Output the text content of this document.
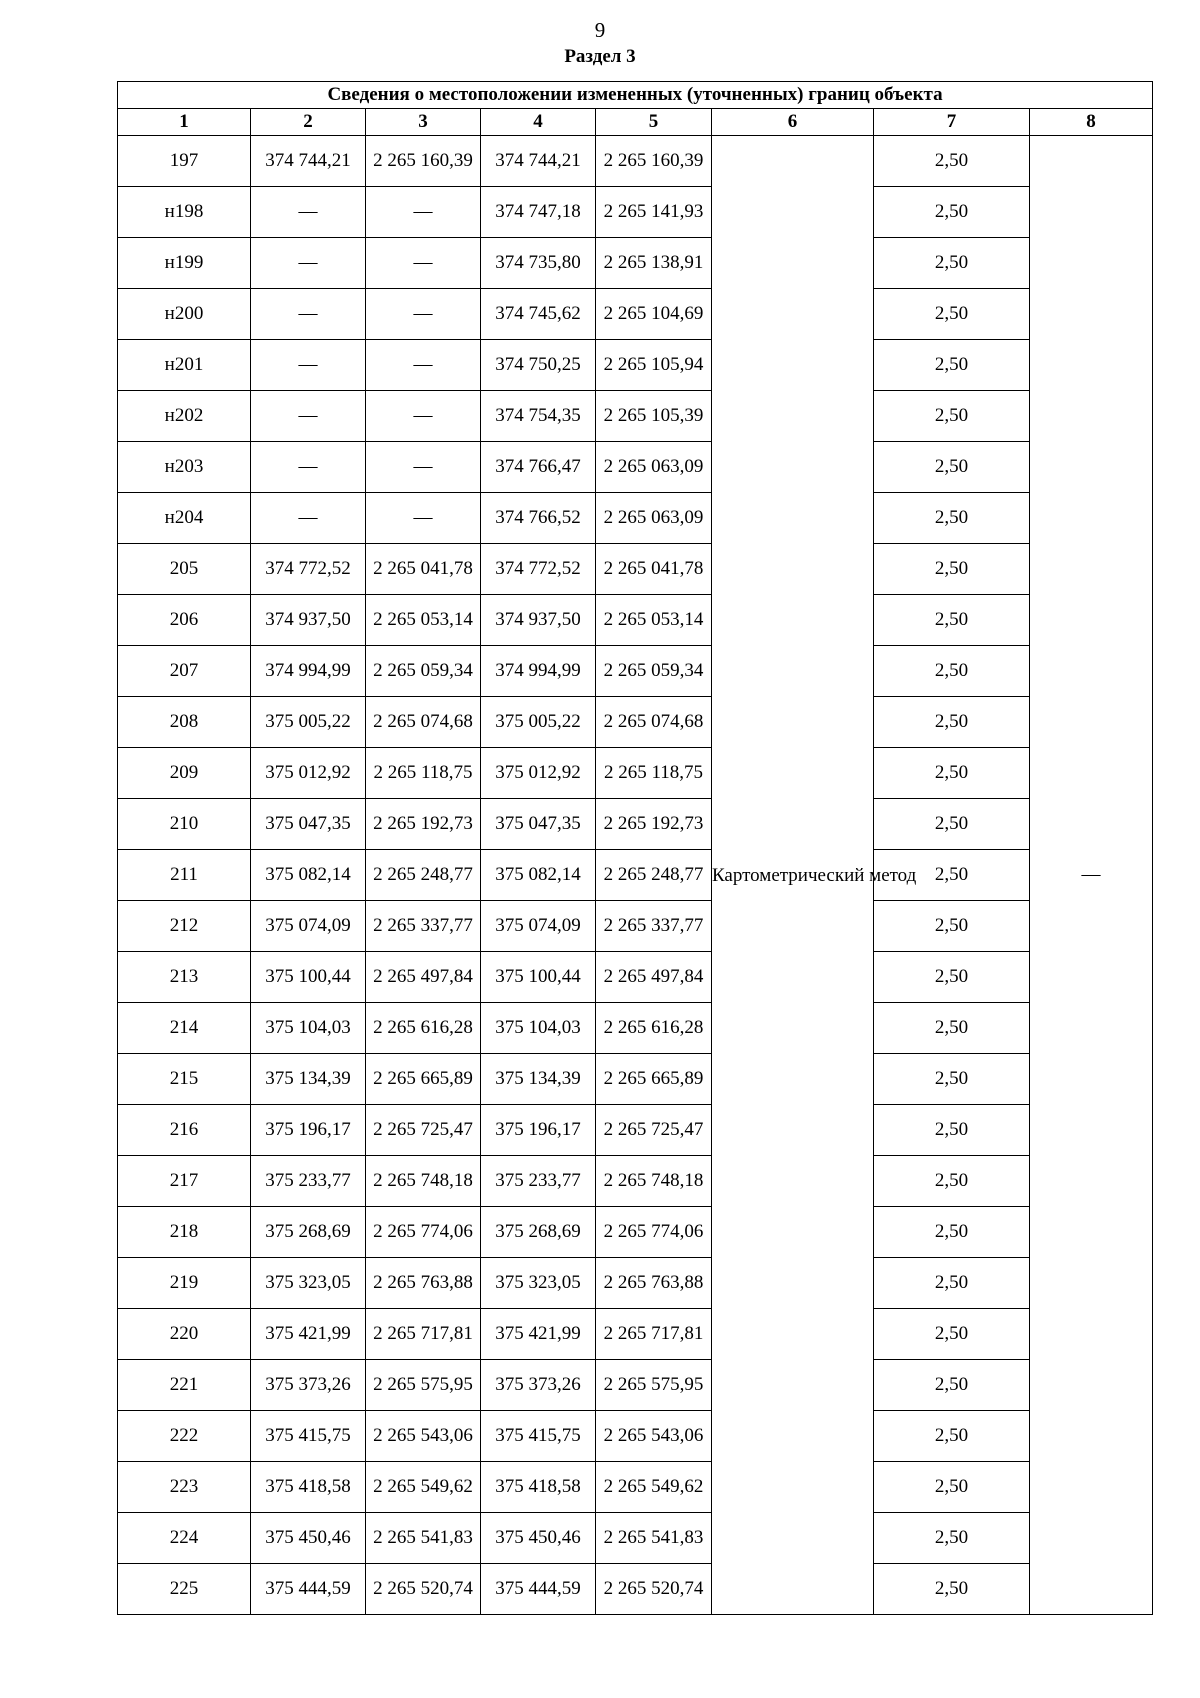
9
Раздел 3
Сведения о местоположении измененных (уточненных) границ объекта							
1	2	3	4	5	6	7	8
197	374 744,21	2 265 160,39	374 744,21	2 265 160,39	Картометрический метод	2,50	—
н198	—	—	374 747,18	2 265 141,93		2,50	
н199	—	—	374 735,80	2 265 138,91		2,50	
н200	—	—	374 745,62	2 265 104,69		2,50	
н201	—	—	374 750,25	2 265 105,94		2,50	
н202	—	—	374 754,35	2 265 105,39		2,50	
н203	—	—	374 766,47	2 265 063,09		2,50	
н204	—	—	374 766,52	2 265 063,09		2,50	
205	374 772,52	2 265 041,78	374 772,52	2 265 041,78		2,50	
206	374 937,50	2 265 053,14	374 937,50	2 265 053,14		2,50	
207	374 994,99	2 265 059,34	374 994,99	2 265 059,34		2,50	
208	375 005,22	2 265 074,68	375 005,22	2 265 074,68		2,50	
209	375 012,92	2 265 118,75	375 012,92	2 265 118,75		2,50	
210	375 047,35	2 265 192,73	375 047,35	2 265 192,73		2,50	
211	375 082,14	2 265 248,77	375 082,14	2 265 248,77		2,50	
212	375 074,09	2 265 337,77	375 074,09	2 265 337,77		2,50	
213	375 100,44	2 265 497,84	375 100,44	2 265 497,84		2,50	
214	375 104,03	2 265 616,28	375 104,03	2 265 616,28		2,50	
215	375 134,39	2 265 665,89	375 134,39	2 265 665,89		2,50	
216	375 196,17	2 265 725,47	375 196,17	2 265 725,47		2,50	
217	375 233,77	2 265 748,18	375 233,77	2 265 748,18		2,50	
218	375 268,69	2 265 774,06	375 268,69	2 265 774,06		2,50	
219	375 323,05	2 265 763,88	375 323,05	2 265 763,88		2,50	
220	375 421,99	2 265 717,81	375 421,99	2 265 717,81		2,50	
221	375 373,26	2 265 575,95	375 373,26	2 265 575,95		2,50	
222	375 415,75	2 265 543,06	375 415,75	2 265 543,06		2,50	
223	375 418,58	2 265 549,62	375 418,58	2 265 549,62		2,50	
224	375 450,46	2 265 541,83	375 450,46	2 265 541,83		2,50	
225	375 444,59	2 265 520,74	375 444,59	2 265 520,74		2,50	
